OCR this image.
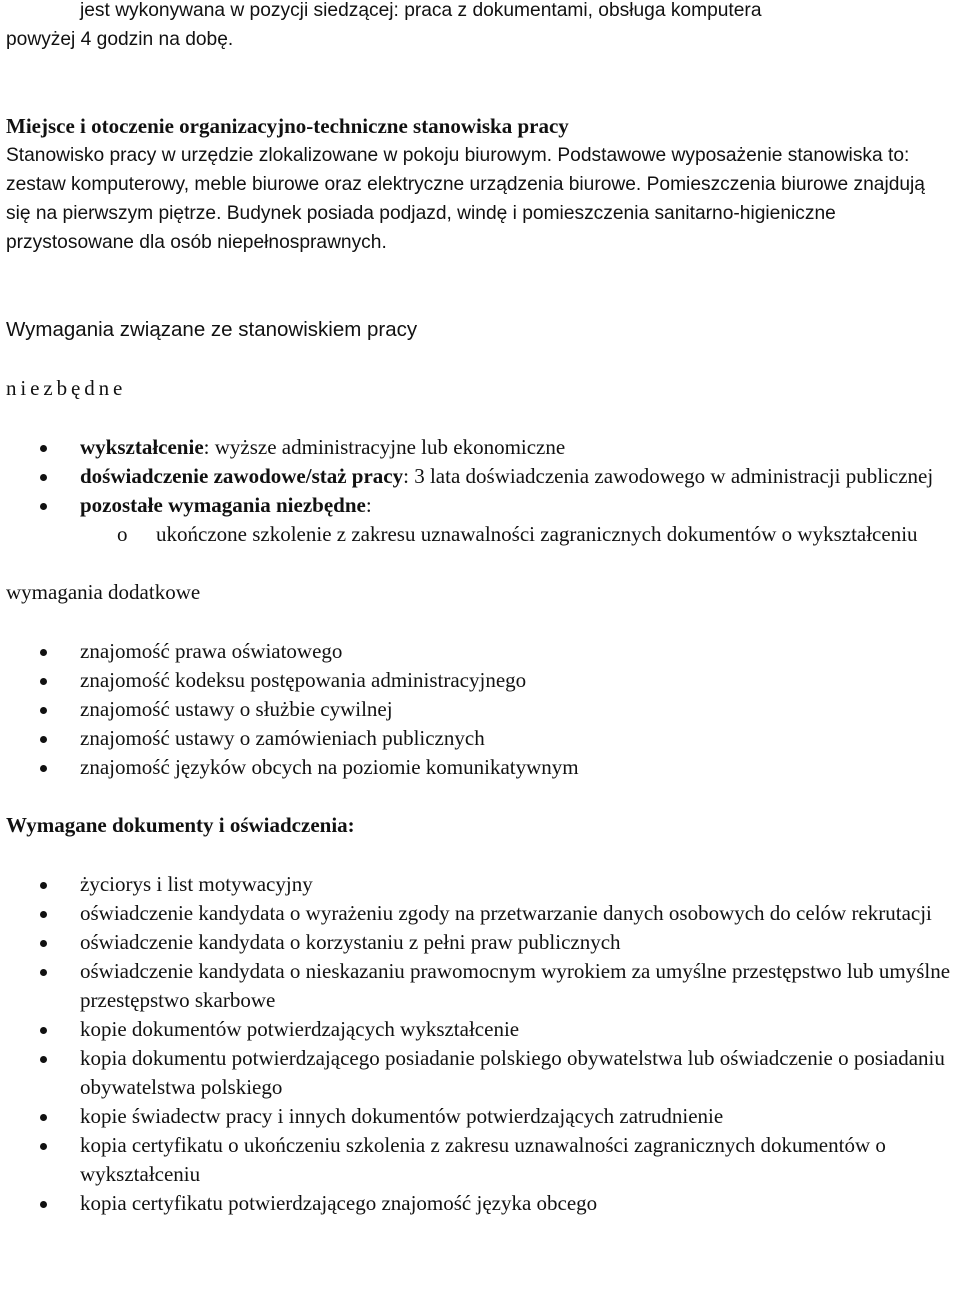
jest wykonywana w pozycji siedzącej: praca z dokumentami, obsługa komputera

powyżej 4 godzin na dobę.

Miejsce i otoczenie organizacyjno-techniczne stanowiska pracy

Stanowisko pracy w urzędzie zlokalizowane w pokoju biurowym. Podstawowe wyposażenie stanowiska to: zestaw komputerowy, meble biurowe oraz elektryczne urządzenia biurowe. Pomieszczenia biurowe znajdują się na pierwszym piętrze. Budynek posiada podjazd, windę i pomieszczenia sanitarno-higieniczne przystosowane dla osób niepełnosprawnych.

Wymagania związane ze stanowiskiem pracy

niezbędne

wykształcenie: wyższe administracyjne lub ekonomiczne
doświadczenie zawodowe/staż pracy: 3 lata doświadczenia zawodowego w administracji publicznej
pozostałe wymagania niezbędne:
o ukończone szkolenie z zakresu uznawalności zagranicznych dokumentów o wykształceniu

wymagania dodatkowe

znajomość prawa oświatowego
znajomość kodeksu postępowania administracyjnego
znajomość ustawy o służbie cywilnej
znajomość ustawy o zamówieniach publicznych
znajomość języków obcych na poziomie komunikatywnym

Wymagane dokumenty i oświadczenia:

życiorys i list motywacyjny
oświadczenie kandydata o wyrażeniu zgody na przetwarzanie danych osobowych do celów rekrutacji
oświadczenie kandydata o korzystaniu z pełni praw publicznych
oświadczenie kandydata o nieskazaniu prawomocnym wyrokiem za umyślne przestępstwo lub umyślne przestępstwo skarbowe
kopie dokumentów potwierdzających wykształcenie
kopia dokumentu potwierdzającego posiadanie polskiego obywatelstwa lub oświadczenie o posiadaniu obywatelstwa polskiego
kopie świadectw pracy i innych dokumentów potwierdzających zatrudnienie
kopia certyfikatu o ukończeniu szkolenia z zakresu uznawalności zagranicznych dokumentów o wykształceniu
kopia certyfikatu potwierdzającego znajomość języka obcego
